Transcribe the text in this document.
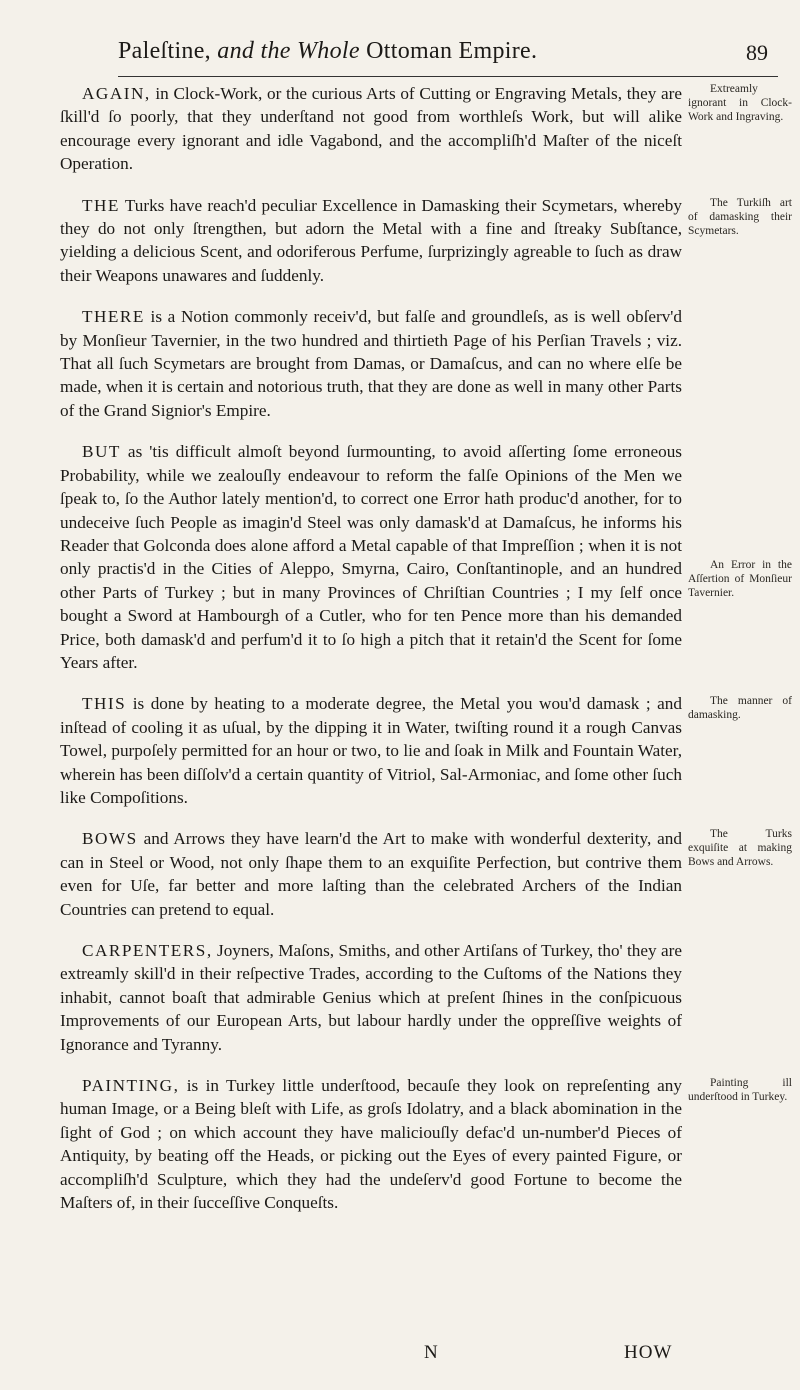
Paleſtine, and the Whole Ottoman Empire.	89

AGAIN, in Clock-Work, or the curious Arts of Cutting or Engraving Metals, they are ſkill'd ſo poorly, that they underſtand not good from worthleſs Work, but will alike encourage every ignorant and idle Vagabond, and the accompliſh'd Maſter of the niceſt Operation.
Extreamly ignorant in Clock-Work and Ingraving.

THE Turks have reach'd peculiar Excellence in Damasking their Scymetars, whereby they do not only ſtrengthen, but adorn the Metal with a fine and ſtreaky Subſtance, yielding a delicious Scent, and odoriferous Perfume, ſurprizingly agreable to ſuch as draw their Weapons unawares and ſuddenly.
The Turkiſh art of damasking their Scymetars.

THERE is a Notion commonly receiv'd, but falſe and groundleſs, as is well obſerv'd by Monſieur Tavernier, in the two hundred and thirtieth Page of his Perſian Travels ; viz. That all ſuch Scymetars are brought from Damas, or Damaſcus, and can no where elſe be made, when it is certain and notorious truth, that they are done as well in many other Parts of the Grand Signior's Empire.

BUT as 'tis difficult almoſt beyond ſurmounting, to avoid aſſerting ſome erroneous Probability, while we zealouſly endeavour to reform the falſe Opinions of the Men we ſpeak to, ſo the Author lately mention'd, to correct one Error hath produc'd another, for to undeceive ſuch People as imagin'd Steel was only damask'd at Damaſcus, he informs his Reader that Golconda does alone afford a Metal capable of that Impreſſion ; when it is not only practis'd in the Cities of Aleppo, Smyrna, Cairo, Conſtantinople, and an hundred other Parts of Turkey ; but in many Provinces of Chriſtian Countries ; I my ſelf once bought a Sword at Hambourgh of a Cutler, who for ten Pence more than his demanded Price, both damask'd and perfum'd it to ſo high a pitch that it retain'd the Scent for ſome Years after.
An Error in the Aſſertion of Monſieur Tavernier.

THIS is done by heating to a moderate degree, the Metal you wou'd damask ; and inſtead of cooling it as uſual, by the dipping it in Water, twiſting round it a rough Canvas Towel, purpoſely permitted for an hour or two, to lie and ſoak in Milk and Fountain Water, wherein has been diſſolv'd a certain quantity of Vitriol, Sal-Armoniac, and ſome other ſuch like Compoſitions.
The manner of damasking.

BOWS and Arrows they have learn'd the Art to make with wonderful dexterity, and can in Steel or Wood, not only ſhape them to an exquiſite Perfection, but contrive them even for Uſe, far better and more laſting than the celebrated Archers of the Indian Countries can pretend to equal.
The Turks exquiſite at making Bows and Arrows.

CARPENTERS, Joyners, Maſons, Smiths, and other Artiſans of Turkey, tho' they are extreamly skill'd in their reſpective Trades, according to the Cuſtoms of the Nations they inhabit, cannot boaſt that admirable Genius which at preſent ſhines in the conſpicuous Improvements of our European Arts, but labour hardly under the oppreſſive weights of Ignorance and Tyranny.

PAINTING, is in Turkey little underſtood, becauſe they look on repreſenting any human Image, or a Being bleſt with Life, as groſs Idolatry, and a black abomination in the ſight of God ; on which account they have maliciouſly defac'd un-number'd Pieces of Antiquity, by beating off the Heads, or picking out the Eyes of every painted Figure, or accompliſh'd Sculpture, which they had the undeſerv'd good Fortune to become the Maſters of, in their ſucceſſive Conqueſts.
Painting ill underſtood in Turkey.

N	HOW
